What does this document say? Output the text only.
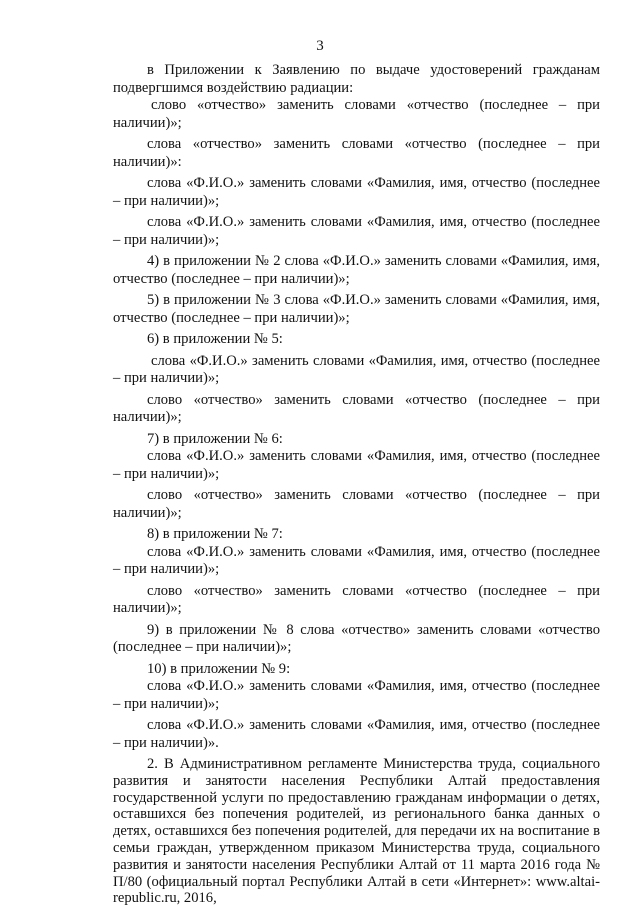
3

в Приложении к Заявлению по выдаче удостоверений гражданам подвергшимся воздействию радиации:

слово «отчество» заменить словами «отчество (последнее – при наличии)»;

слова «отчество» заменить словами «отчество (последнее – при наличии)»:

слова «Ф.И.О.» заменить словами «Фамилия, имя, отчество (последнее – при наличии)»;

слова «Ф.И.О.» заменить словами «Фамилия, имя, отчество (последнее – при наличии)»;

4) в приложении № 2 слова «Ф.И.О.» заменить словами «Фамилия, имя, отчество (последнее – при наличии)»;

5) в приложении № 3 слова «Ф.И.О.» заменить словами «Фамилия, имя, отчество (последнее – при наличии)»;

6) в приложении № 5:

слова «Ф.И.О.» заменить словами «Фамилия, имя, отчество (последнее – при наличии)»;

слово «отчество» заменить словами «отчество (последнее – при наличии)»;

7) в приложении № 6:

слова «Ф.И.О.» заменить словами «Фамилия, имя, отчество (последнее – при наличии)»;

слово «отчество» заменить словами «отчество (последнее – при наличии)»;

8) в приложении № 7:

слова «Ф.И.О.» заменить словами «Фамилия, имя, отчество (последнее – при наличии)»;

слово «отчество» заменить словами «отчество (последнее – при наличии)»;

9) в приложении № 8 слова «отчество» заменить словами «отчество (последнее – при наличии)»;

10) в приложении № 9:

слова «Ф.И.О.» заменить словами «Фамилия, имя, отчество (последнее – при наличии)»;

слова «Ф.И.О.» заменить словами «Фамилия, имя, отчество (последнее – при наличии)».

2. В Административном регламенте Министерства труда, социального развития и занятости населения Республики Алтай предоставления государственной услуги по предоставлению гражданам информации о детях, оставшихся без попечения родителей, из регионального банка данных о детях, оставшихся без попечения родителей, для передачи их на воспитание в семьи граждан, утвержденном приказом Министерства труда, социального развития и занятости населения Республики Алтай от 11 марта 2016 года № П/80 (официальный портал Республики Алтай в сети «Интернет»: www.altai-republic.ru, 2016,
